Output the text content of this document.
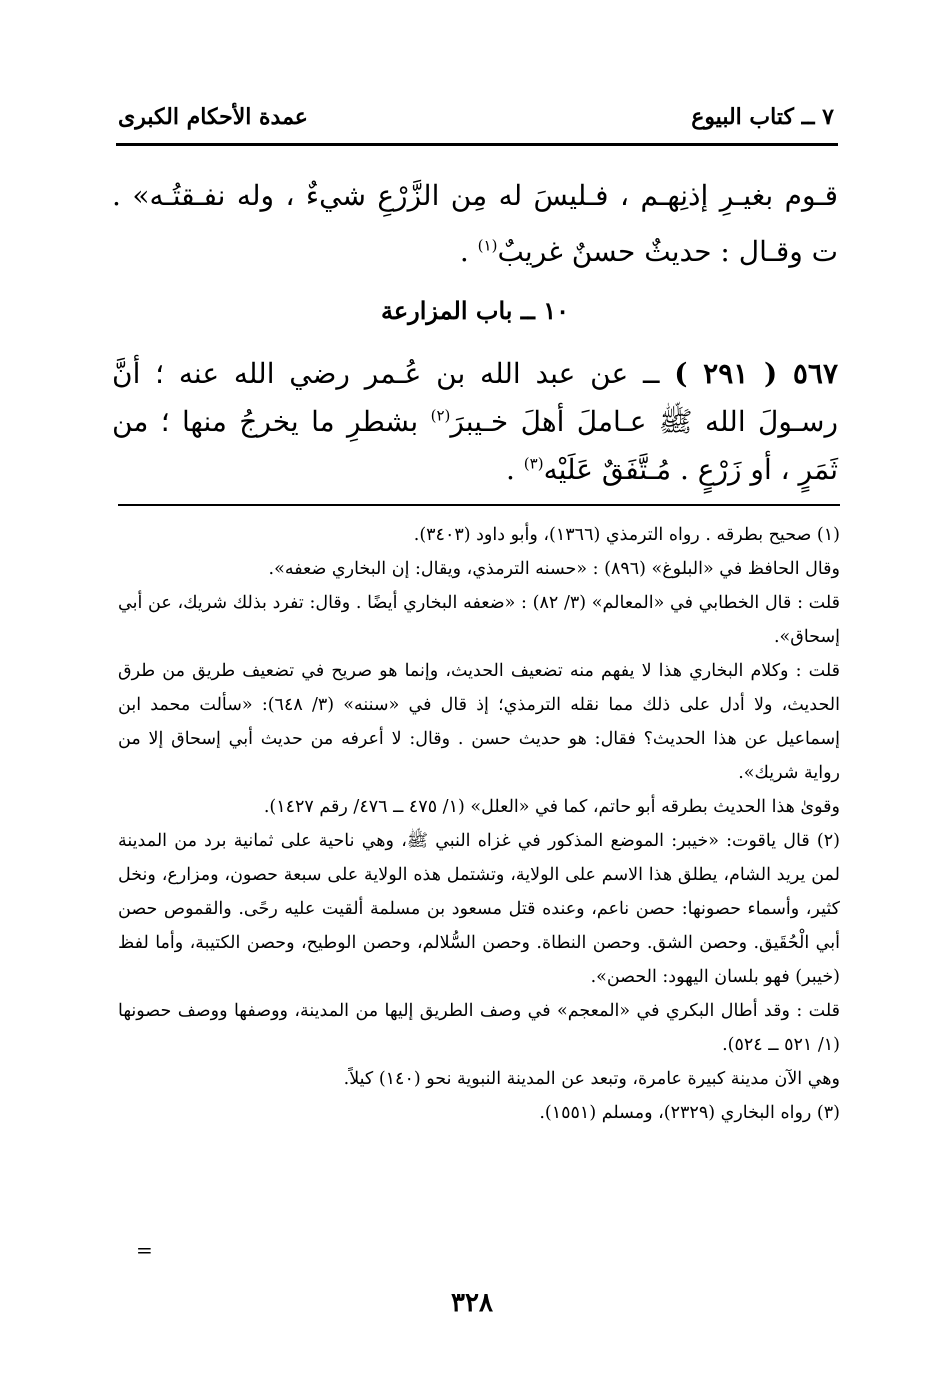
٧ ــ كتاب البيوع
عمدة الأحكام الكبرى

قـوم بغيـرِ إذنِهـم ، فـليسَ له مِن الزَّرْعِ شيءٌ ، وله نفـقتُـه» . ت وقـال : حديثٌ حسنٌ غريبٌ$^{(١)}$ .

١٠ ــ باب المزارعة

٥٦٧ ( ٢٩١ ) ــ عن عبد الله بن عُـمر رضي الله عنه ؛ أنَّ رسـولَ الله ﷺ عـاملَ أهلَ خـيبرَ$^{(٢)}$ بشطرِ ما يخرجُ منها ؛ من ثَمَرٍ ، أو زَرْعٍ . مُـتَّفَقٌ عَلَيْه$^{(٣)}$ .

(١) صحيح بطرقه . رواه الترمذي (١٣٦٦)، وأبو داود (٣٤٠٣).

وقال الحافظ في «البلوغ» (٨٩٦) : «حسنه الترمذي، ويقال: إن البخاري ضعفه».

قلت : قال الخطابي في «المعالم» (٣/ ٨٢) : «ضعفه البخاري أيضًا . وقال: تفرد بذلك شريك، عن أبي إسحاق».

قلت : وكلام البخاري هذا لا يفهم منه تضعيف الحديث، وإنما هو صريح في تضعيف طريق من طرق الحديث، ولا أدل على ذلك مما نقله الترمذي؛ إذ قال في «سننه» (٣/ ٦٤٨): «سألت محمد ابن إسماعيل عن هذا الحديث؟ فقال: هو حديث حسن . وقال: لا أعرفه من حديث أبي إسحاق إلا من رواية شريك».

وقوىٰ هذا الحديث بطرقه أبو حاتم، كما في «العلل» (١/ ٤٧٥ ــ ٤٧٦/ رقم ١٤٢٧).

(٢) قال ياقوت: «خيبر: الموضع المذكور في غزاه النبي ﷺ، وهي ناحية على ثمانية برد من المدينة لمن يريد الشام، يطلق هذا الاسم على الولاية، وتشتمل هذه الولاية على سبعة حصون، ومزارع، ونخل كثير، وأسماء حصونها: حصن ناعم، وعنده قتل مسعود بن مسلمة ألقيت عليه رحًى. والقموص حصن أبي الْحُقَيق. وحصن الشق. وحصن النطاة. وحصن السُّلالم، وحصن الوطيح، وحصن الكتيبة، وأما لفظ (خيبر) فهو بلسان اليهود: الحصن».

قلت : وقد أطال البكري في «المعجم» في وصف الطريق إليها من المدينة، ووصفها ووصف حصونها (١/ ٥٢١ ــ ٥٢٤).

وهي الآن مدينة كبيرة عامرة، وتبعد عن المدينة النبوية نحو (١٤٠) كيلاً.

(٣) رواه البخاري (٢٣٢٩)، ومسلم (١٥٥١).

=
٣٢٨
